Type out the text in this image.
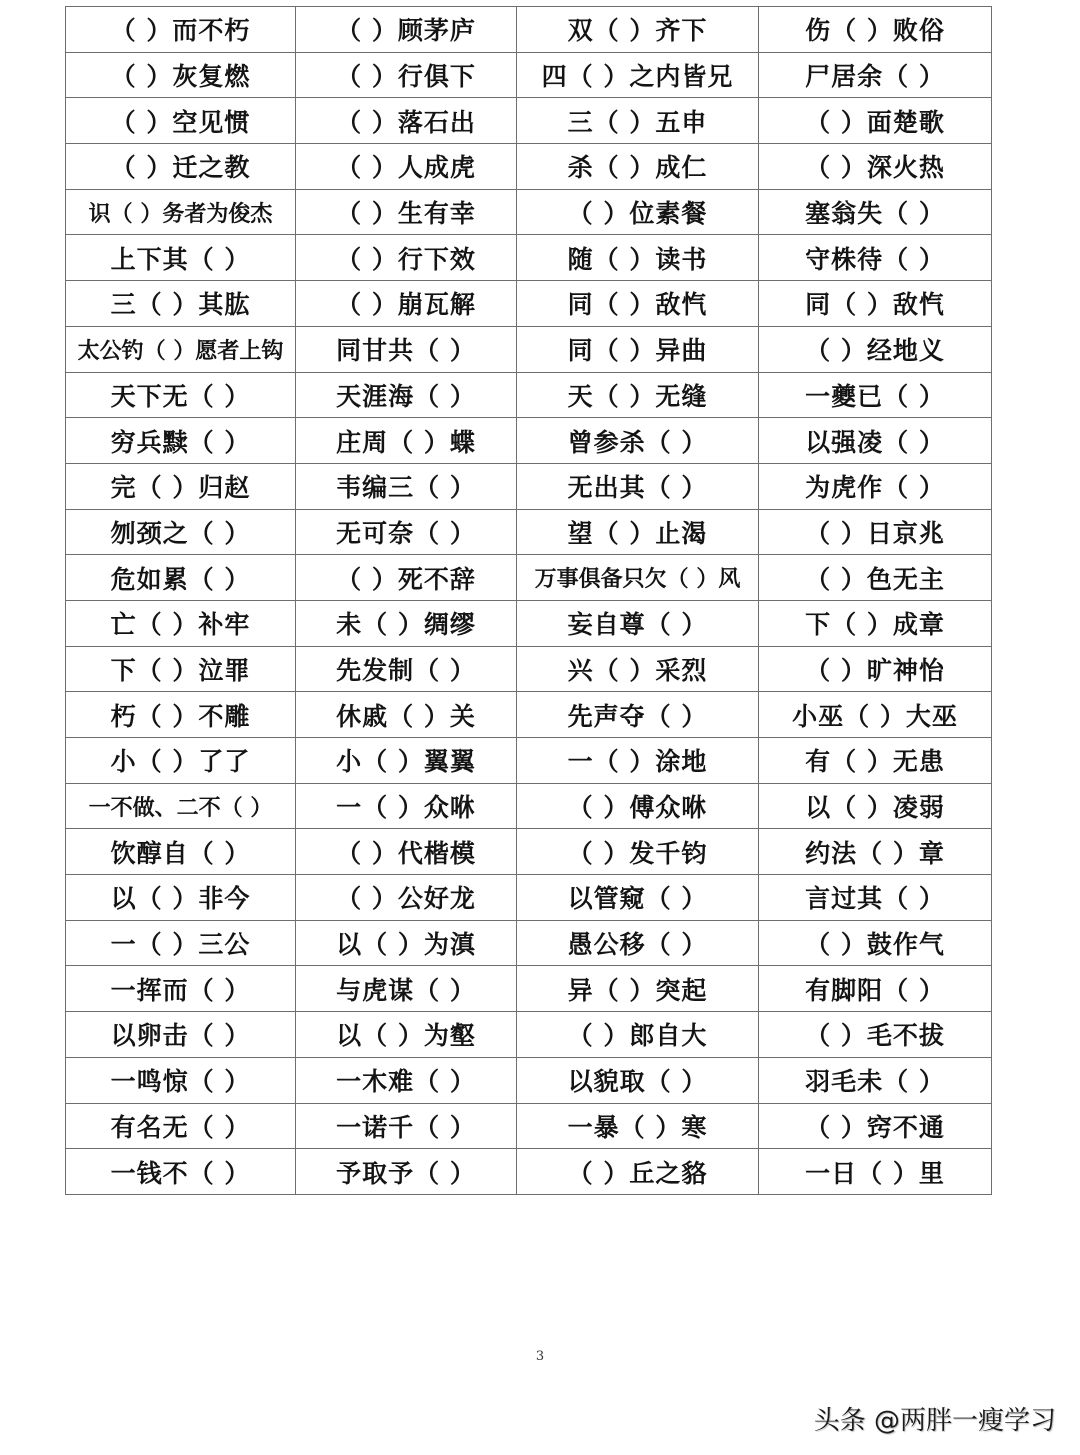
（ ）而不朽	（ ）顾茅庐	双（ ）齐下	伤（ ）败俗
（ ）灰复燃	（ ）行俱下	四（ ）之内皆兄	尸居余（ ）
（ ）空见惯	（ ）落石出	三（ ）五申	（ ）面楚歌
（ ）迁之教	（ ）人成虎	杀（ ）成仁	（ ）深火热
识（ ）务者为俊杰	（ ）生有幸	（ ）位素餐	塞翁失（ ）
上下其（ ）	（ ）行下效	随（ ）读书	守株待（ ）
三（ ）其肱	（ ）崩瓦解	同（ ）敌忾	同（ ）敌忾
太公钓（ ）愿者上钩	同甘共（ ）	同（ ）异曲	（ ）经地义
天下无（ ）	天涯海（ ）	天（ ）无缝	一夔已（ ）
穷兵黩（ ）	庄周（ ）蝶	曾参杀（ ）	以强凌（ ）
完（ ）归赵	韦编三（ ）	无出其（ ）	为虎作（ ）
刎颈之（ ）	无可奈（ ）	望（ ）止渴	（ ）日京兆
危如累（ ）	（ ）死不辞	万事俱备只欠（ ）风	（ ）色无主
亡（ ）补牢	未（ ）绸缪	妄自尊（ ）	下（ ）成章
下（ ）泣罪	先发制（ ）	兴（ ）采烈	（ ）旷神怡
朽（ ）不雕	休戚（ ）关	先声夺（ ）	小巫（ ）大巫
小（ ）了了	小（ ）翼翼	一（ ）涂地	有（ ）无患
一不做、二不（ ）	一（ ）众咻	（ ）傅众咻	以（ ）凌弱
饮醇自（ ）	（ ）代楷模	（ ）发千钧	约法（ ）章
以（ ）非今	（ ）公好龙	以管窥（ ）	言过其（ ）
一（ ）三公	以（ ）为滇	愚公移（ ）	（ ）鼓作气
一挥而（ ）	与虎谋（ ）	异（ ）突起	有脚阳（ ）
以卵击（ ）	以（ ）为壑	（ ）郎自大	（ ）毛不拔
一鸣惊（ ）	一木难（ ）	以貌取（ ）	羽毛未（ ）
有名无（ ）	一诺千（ ）	一暴（ ）寒	（ ）窍不通
一钱不（ ）	予取予（ ）	（ ）丘之貉	一日（ ）里
3
头条 @两胖一瘦学习
